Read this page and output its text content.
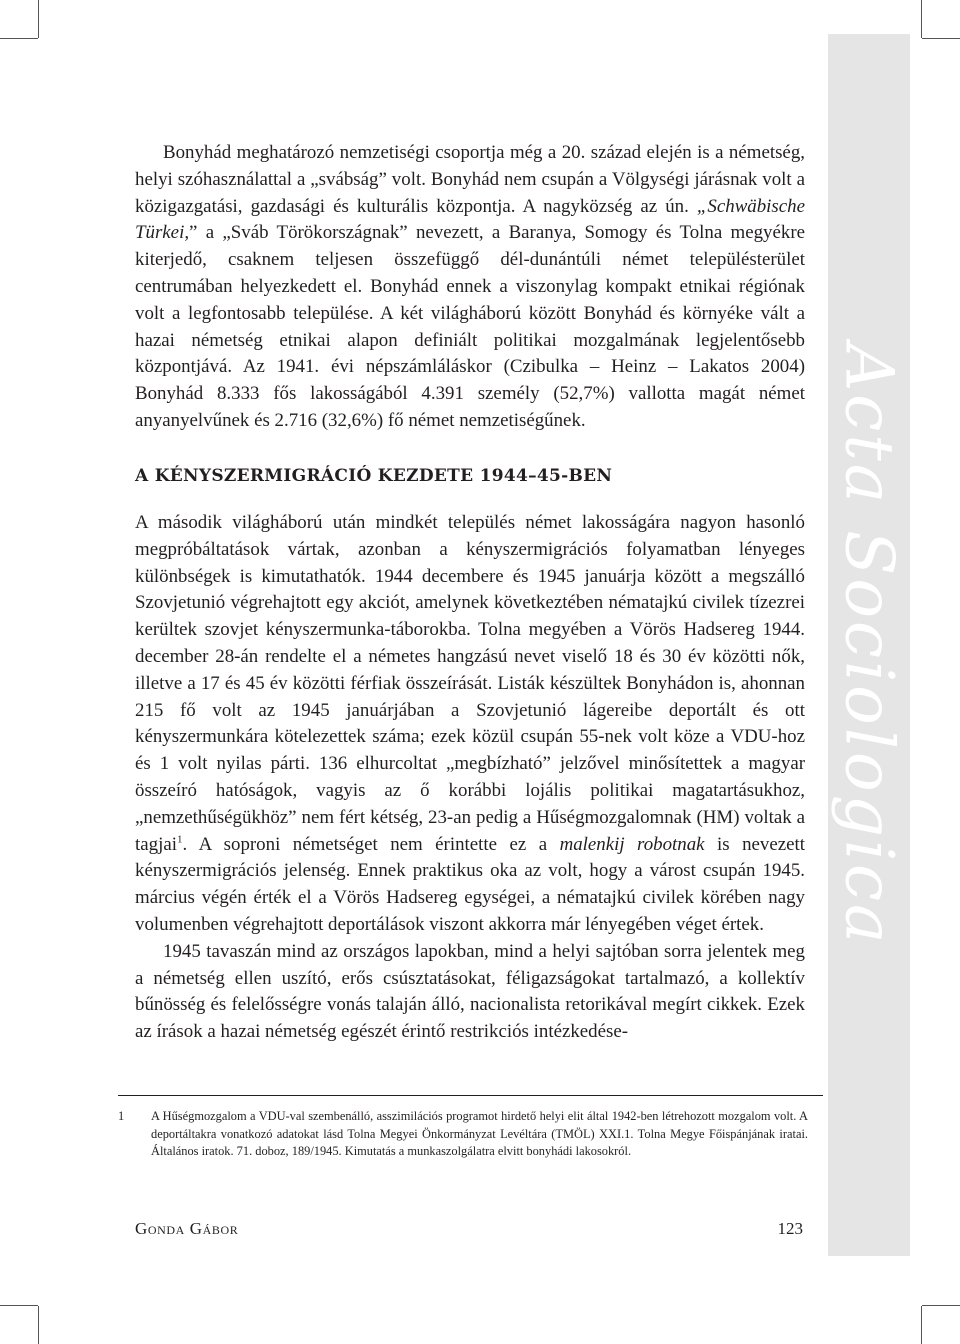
Acta Sociologica

Bonyhád meghatározó nemzetiségi csoportja még a 20. század elején is a németség, helyi szóhasználattal a „svábság” volt. Bonyhád nem csupán a Völgységi járásnak volt a közigazgatási, gazdasági és kulturális központja. A nagyközség az ún. „Schwäbische Türkei,” a „Sváb Törökországnak” nevezett, a Baranya, Somogy és Tolna megyékre kiterjedő, csaknem teljesen összefüggő dél-dunántúli német településterület centrumában helyezkedett el. Bonyhád ennek a viszonylag kompakt etnikai régiónak volt a legfontosabb települése. A két világháború között Bonyhád és környéke vált a hazai németség etnikai alapon definiált politikai mozgalmának legjelentősebb központjává. Az 1941. évi népszámláláskor (Czibulka – Heinz – Lakatos 2004) Bonyhád 8.333 fős lakosságából 4.391 személy (52,7%) vallotta magát német anyanyelvűnek és 2.716 (32,6%) fő német nemzetiségűnek.

A KÉNYSZERMIGRÁCIÓ KEZDETE 1944–45-BEN

A második világháború után mindkét település német lakosságára nagyon hasonló megpróbáltatások vártak, azonban a kényszermigrációs folyamatban lényeges különbségek is kimutathatók. 1944 decembere és 1945 januárja között a megszálló Szovjetunió végrehajtott egy akciót, amelynek következtében nématajkú civilek tízezrei kerültek szovjet kényszermunka-táborokba. Tolna megyében a Vörös Hadsereg 1944. december 28-án rendelte el a németes hangzású nevet viselő 18 és 30 év közötti nők, illetve a 17 és 45 év közötti férfiak összeírását. Listák készültek Bonyhádon is, ahonnan 215 fő volt az 1945 januárjában a Szovjetunió lágereibe deportált és ott kényszermunkára kötelezettek száma; ezek közül csupán 55-nek volt köze a VDU-hoz és 1 volt nyilas párti. 136 elhurcoltat „megbízható” jelzővel minősítettek a magyar összeíró hatóságok, vagyis az ő korábbi lojális politikai magatartásukhoz, „nemzethűségükhöz” nem fért kétség, 23-an pedig a Hűségmozgalomnak (HM) voltak a tagjai$^1$. A soproni németséget nem érintette ez a malenkij robotnak is nevezett kényszermigrációs jelenség. Ennek praktikus oka az volt, hogy a várost csupán 1945. március végén érték el a Vörös Hadsereg egységei, a nématajkú civilek körében nagy volumenben végrehajtott deportálások viszont akkorra már lényegében véget értek.

1945 tavaszán mind az országos lapokban, mind a helyi sajtóban sorra jelentek meg a németség ellen uszító, erős csúsztatásokat, féligazságokat tartalmazó, a kollektív bűnösség és felelősségre vonás talaján álló, nacionalista retorikával megírt cikkek. Ezek az írások a hazai németség egészét érintő restrikciós intézkedése-

1	A Hűségmozgalom a VDU-val szembenálló, asszimilációs programot hirdető helyi elit által 1942-ben létrehozott mozgalom volt. A deportáltakra vonatkozó adatokat lásd Tolna Megyei Önkormányzat Levéltára (TMÖL) XXI.1. Tolna Megye Főispánjának iratai. Általános iratok. 71. doboz, 189/1945. Kimutatás a munkaszolgálatra elvitt bonyhádi lakosokról.
Gonda Gábor	123
